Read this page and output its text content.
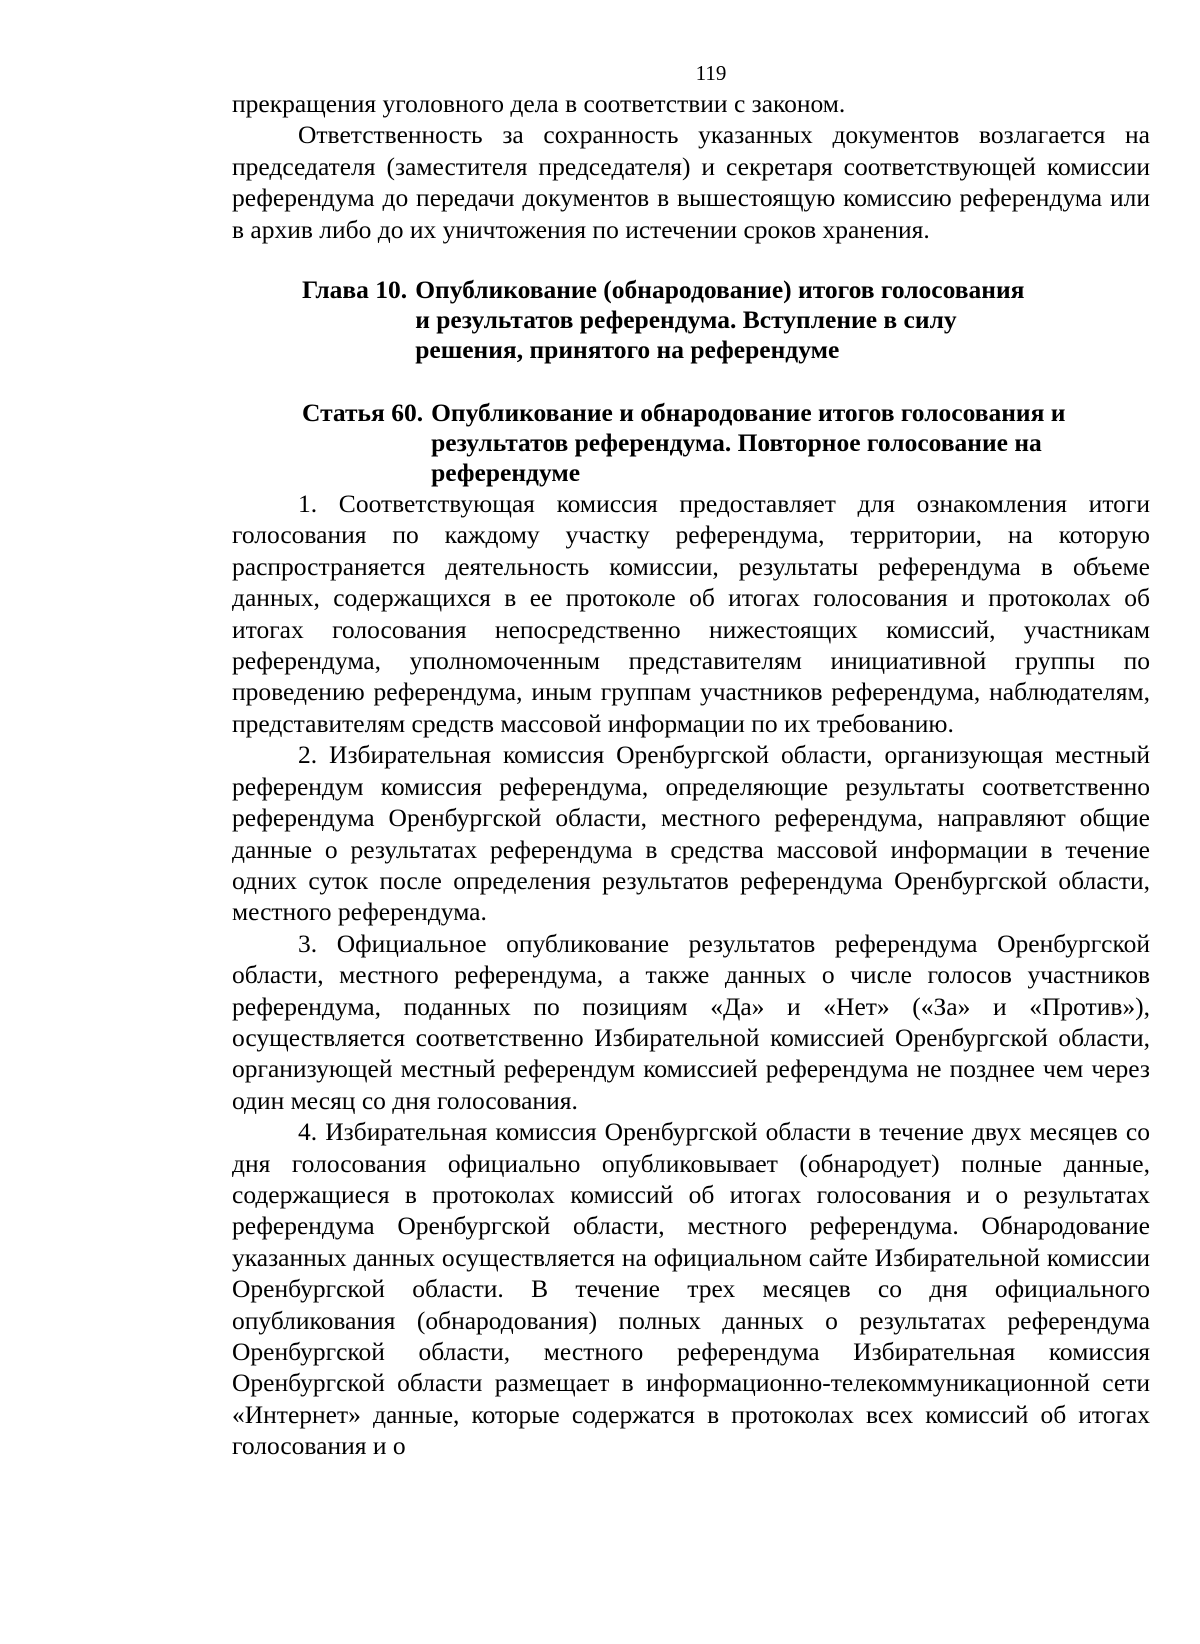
119

прекращения уголовного дела в соответствии с законом.

Ответственность за сохранность указанных документов возлагается на председателя (заместителя председателя) и секретаря соответствующей комиссии референдума до передачи документов в вышестоящую комиссию референдума или в архив либо до их уничтожения по истечении сроков хранения.

Глава 10. Опубликование (обнародование) итогов голосования и результатов референдума. Вступление в силу решения, принятого на референдуме
Статья 60. Опубликование и обнародование итогов голосования и результатов референдума. Повторное голосование на референдуме

1. Соответствующая комиссия предоставляет для ознакомления итоги голосования по каждому участку референдума, территории, на которую распространяется деятельность комиссии, результаты референдума в объеме данных, содержащихся в ее протоколе об итогах голосования и протоколах об итогах голосования непосредственно нижестоящих комиссий, участникам референдума, уполномоченным представителям инициативной группы по проведению референдума, иным группам участников референдума, наблюдателям, представителям средств массовой информации по их требованию.

2. Избирательная комиссия Оренбургской области, организующая местный референдум комиссия референдума, определяющие результаты соответственно референдума Оренбургской области, местного референдума, направляют общие данные о результатах референдума в средства массовой информации в течение одних суток после определения результатов референдума Оренбургской области, местного референдума.

3. Официальное опубликование результатов референдума Оренбургской области, местного референдума, а также данных о числе голосов участников референдума, поданных по позициям «Да» и «Нет» («За» и «Против»), осуществляется соответственно Избирательной комиссией Оренбургской области, организующей местный референдум комиссией референдума не позднее чем через один месяц со дня голосования.

4. Избирательная комиссия Оренбургской области в течение двух месяцев со дня голосования официально опубликовывает (обнародует) полные данные, содержащиеся в протоколах комиссий об итогах голосования и о результатах референдума Оренбургской области, местного референдума. Обнародование указанных данных осуществляется на официальном сайте Избирательной комиссии Оренбургской области. В течение трех месяцев со дня официального опубликования (обнародования) полных данных о результатах референдума Оренбургской области, местного референдума Избирательная комиссия Оренбургской области размещает в информационно-телекоммуникационной сети «Интернет» данные, которые содержатся в протоколах всех комиссий об итогах голосования и о
